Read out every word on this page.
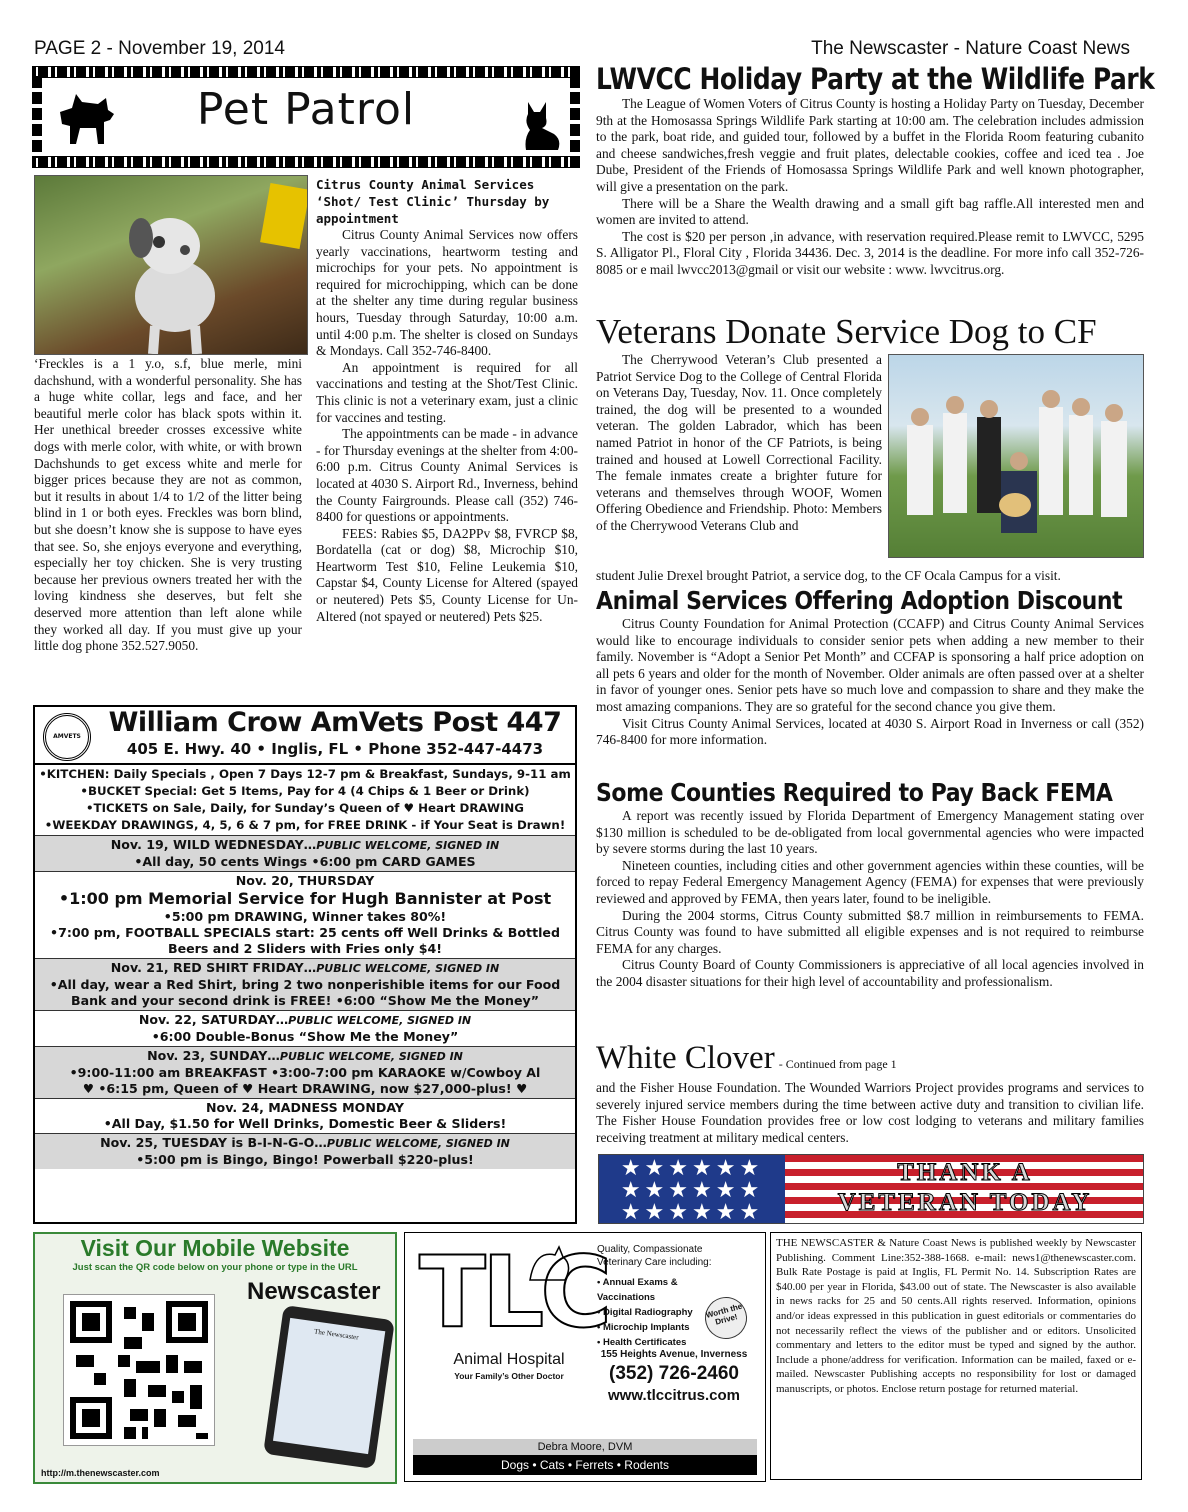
PAGE 2 - November 19, 2014	The Newscaster - Nature Coast News
Pet Patrol

‘Freckles is a 1 y.o, s.f, blue merle, mini dachshund, with a wonderful personality. She has a huge white collar, legs and face, and her beautiful merle color has black spots within it. Her unethical breeder crosses excessive white dogs with merle color, with white, or with brown Dachshunds to get excess white and merle for bigger prices because they are not as common, but it results in about 1/4 to 1/2 of the litter being blind in 1 or both eyes. Freckles was born blind, but she doesn’t know she is suppose to have eyes that see. So, she enjoys everyone and everything, especially her toy chicken. She is very trusting because her previous owners treated her with the loving kindness she deserves, but felt she deserved more attention than left alone while they worked all day. If you must give up your little dog phone 352.527.9050.

Citrus County Animal Services ‘Shot/ Test Clinic’ Thursday by appointment

Citrus County Animal Services now offers yearly vaccinations, heartworm testing and microchips for your pets. No appointment is required for microchipping, which can be done at the shelter any time during regular business hours, Tuesday through Saturday, 10:00 a.m. until 4:00 p.m. The shelter is closed on Sundays & Mondays. Call 352-746-8400.

An appointment is required for all vaccinations and testing at the Shot/Test Clinic. This clinic is not a veterinary exam, just a clinic for vaccines and testing.

The appointments can be made - in advance - for Thursday evenings at the shelter from 4:00-6:00 p.m. Citrus County Animal Services is located at 4030 S. Airport Rd., Inverness, behind the County Fairgrounds. Please call (352) 746-8400 for questions or appointments.

FEES: Rabies $5, DA2PPv $8, FVRCP $8, Bordatella (cat or dog) $8, Microchip $10, Heartworm Test $10, Feline Leukemia $10, Capstar $4, County License for Altered (spayed or neutered) Pets $5, County License for Un-Altered (not spayed or neutered) Pets $25.

AMVETS	William Crow AmVets Post 447
405 E. Hwy. 40 • Inglis, FL • Phone 352-447-4473
•KITCHEN: Daily Specials , Open 7 Days 12-7 pm & Breakfast, Sundays, 9-11 am
•BUCKET Special: Get 5 Items, Pay for 4 (4 Chips & 1 Beer or Drink)
•TICKETS on Sale, Daily, for Sunday’s Queen of ♥ Heart DRAWING
•WEEKDAY DRAWINGS, 4, 5, 6 & 7 pm, for FREE DRINK - if Your Seat is Drawn!
Nov. 19, WILD WEDNESDAY…PUBLIC WELCOME, SIGNED IN
•All day, 50 cents Wings •6:00 pm CARD GAMES
Nov. 20, THURSDAY
•1:00 pm Memorial Service for Hugh Bannister at Post
•5:00 pm DRAWING, Winner takes 80%!
•7:00 pm, FOOTBALL SPECIALS start: 25 cents off Well Drinks & Bottled Beers and 2 Sliders with Fries only $4!
Nov. 21, RED SHIRT FRIDAY…PUBLIC WELCOME, SIGNED IN
•All day, wear a Red Shirt, bring 2 two nonperishible items for our Food Bank and your second drink is FREE! •6:00 “Show Me the Money”
Nov. 22, SATURDAY…PUBLIC WELCOME, SIGNED IN
•6:00 Double-Bonus “Show Me the Money”
Nov. 23, SUNDAY…PUBLIC WELCOME, SIGNED IN
•9:00-11:00 am BREAKFAST •3:00-7:00 pm KARAOKE w/Cowboy Al
♥ •6:15 pm, Queen of ♥ Heart DRAWING, now $27,000-plus! ♥
Nov. 24, MADNESS MONDAY
•All Day, $1.50 for Well Drinks, Domestic Beer & Sliders!
Nov. 25, TUESDAY is B-I-N-G-O…PUBLIC WELCOME, SIGNED IN
•5:00 pm is Bingo, Bingo! Powerball $220-plus!
Visit Our Mobile Website
Just scan the QR code below on your phone or type in the URL
Newscaster
The Newscaster
http://m.thenewscaster.com
TLC
Animal Hospital
Your Family’s Other Doctor
Quality, Compassionate Veterinary Care including:
• Annual Exams & Vaccinations
• Digital Radiography
• Microchip Implants
• Health Certificates
Worth the Drive!
155 Heights Avenue, Inverness
(352) 726-2460
www.tlccitrus.com
Debra Moore, DVM
Dogs • Cats • Ferrets • Rodents

THE NEWSCASTER & Nature Coast News is published weekly by Newscaster Publishing. Comment Line:352-388-1668. e-mail: news1@thenewscaster.com. Bulk Rate Postage is paid at Inglis, FL Permit No. 14. Subscription Rates are $40.00 per year in Florida, $43.00 out of state. The Newscaster is also available in news racks for 25 and 50 cents.All rights reserved. Information, opinions and/or ideas expressed in this publication in guest editorials or commentaries do not necessarily reflect the views of the publisher and or editors. Unsolicited commentary and letters to the editor must be typed and signed by the author. Include a phone/address for verification. Information can be mailed, faxed or e-mailed. Newscaster Publishing accepts no responsibility for lost or damaged manuscripts, or photos. Enclose return postage for returned material.

LWVCC Holiday Party at the Wildlife Park

The League of Women Voters of Citrus County is hosting a Holiday Party on Tuesday, December 9th at the Homosassa Springs Wildlife Park starting at 10:00 am. The celebration includes admission to the park, boat ride, and guided tour, followed by a buffet in the Florida Room featuring cubanito and cheese sandwiches,fresh veggie and fruit plates, delectable cookies, coffee and iced tea . Joe Dube, President of the Friends of Homosassa Springs Wildlife Park and well known photographer, will give a presentation on the park.

There will be a Share the Wealth drawing and a small gift bag raffle.All interested men and women are invited to attend.

The cost is $20 per person ,in advance, with reservation required.Please remit to LWVCC, 5295 S. Alligator Pl., Floral City , Florida 34436. Dec. 3, 2014 is the deadline. For more info call 352-726-8085 or e mail lwvcc2013@gmail or visit our website : www. lwvcitrus.org.

Veterans Donate Service Dog to CF

The Cherrywood Veteran’s Club presented a Patriot Service Dog to the College of Central Florida on Veterans Day, Tuesday, Nov. 11. Once completely trained, the dog will be presented to a wounded veteran. The golden Labrador, which has been named Patriot in honor of the CF Patriots, is being trained and housed at Lowell Correctional Facility. The female inmates create a brighter future for veterans and themselves through WOOF, Women Offering Obedience and Friendship. Photo: Members of the Cherrywood Veterans Club and

student Julie Drexel brought Patriot, a service dog, to the CF Ocala Campus for a visit.

Animal Services Offering Adoption Discount

Citrus County Foundation for Animal Protection (CCAFP) and Citrus County Animal Services would like to encourage individuals to consider senior pets when adding a new member to their family. November is “Adopt a Senior Pet Month” and CCFAP is sponsoring a half price adoption on all pets 6 years and older for the month of November. Older animals are often passed over at a shelter in favor of younger ones. Senior pets have so much love and compassion to share and they make the most amazing companions. They are so grateful for the second chance you give them.

Visit Citrus County Animal Services, located at 4030 S. Airport Road in Inverness or call (352) 746-8400 for more information.

Some Counties Required to Pay Back FEMA

A report was recently issued by Florida Department of Emergency Management stating over $130 million is scheduled to be de-obligated from local governmental agencies who were impacted by severe storms during the last 10 years.

Nineteen counties, including cities and other government agencies within these counties, will be forced to repay Federal Emergency Management Agency (FEMA) for expenses that were previously reviewed and approved by FEMA, then years later, found to be ineligible.

During the 2004 storms, Citrus County submitted $8.7 million in reimbursements to FEMA. Citrus County was found to have submitted all eligible expenses and is not required to reimburse FEMA for any charges.

Citrus County Board of County Commissioners is appreciative of all local agencies involved in the 2004 disaster situations for their high level of accountability and professionalism.

White Clover - Continued from page 1

and the Fisher House Foundation. The Wounded Warriors Project provides programs and services to severely injured service members during the time between active duty and transition to civilian life. The Fisher House Foundation provides free or low cost lodging to veterans and military families receiving treatment at military medical centers.

★★★★★★
★★★★★★
★★★★★★
THANK A
VETERAN TODAY
